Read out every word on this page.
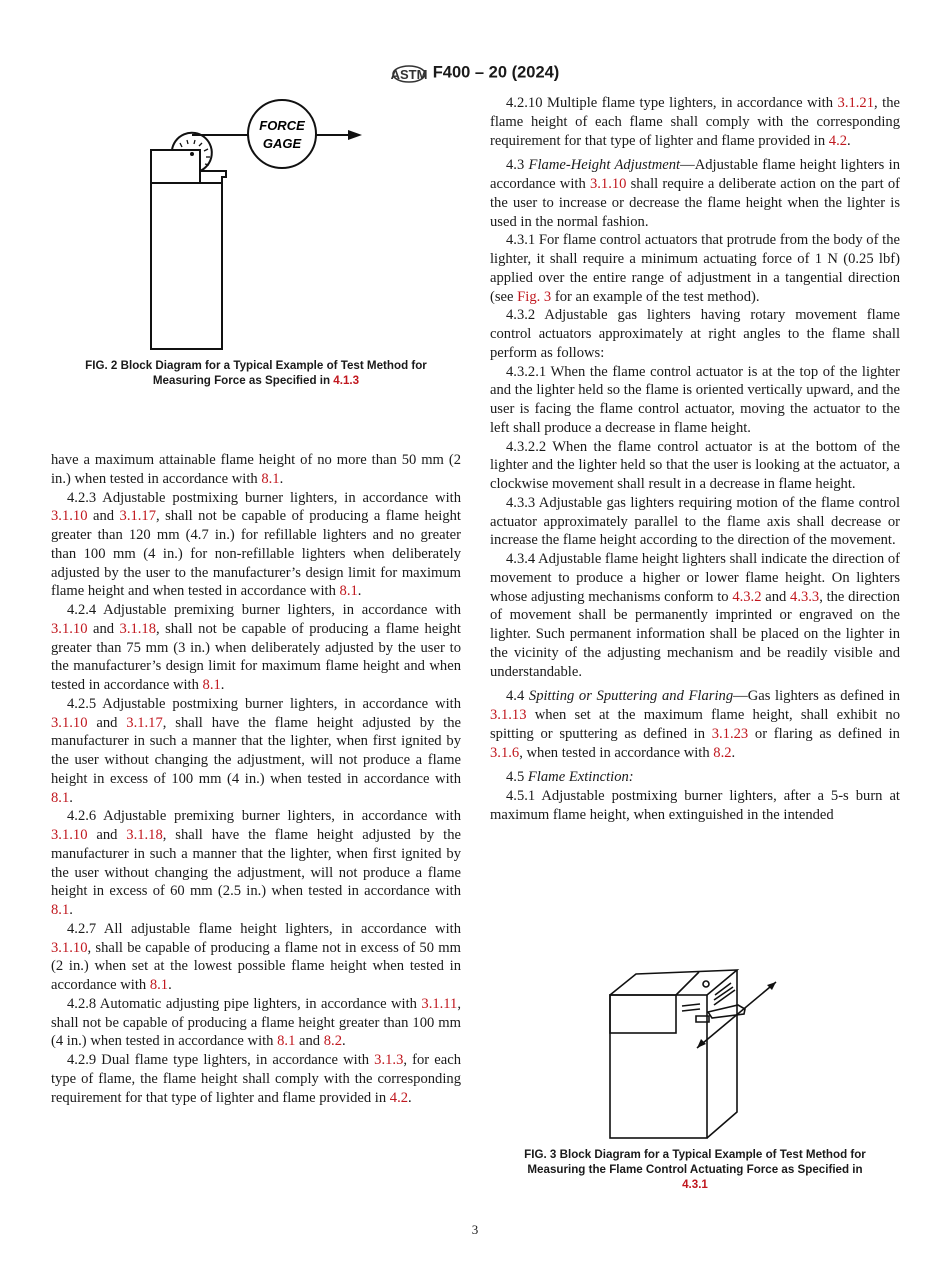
ASTM F400 – 20 (2024)
FORCE
GAGE
FIG. 2 Block Diagram for a Typical Example of Test Method for
Measuring Force as Specified in 4.1.3

have a maximum attainable flame height of no more than 50 mm (2 in.) when tested in accordance with 8.1.

4.2.3 Adjustable postmixing burner lighters, in accordance with 3.1.10 and 3.1.17, shall not be capable of producing a flame height greater than 120 mm (4.7 in.) for refillable lighters and no greater than 100 mm (4 in.) for non-refillable lighters when deliberately adjusted by the user to the manufacturer’s design limit for maximum flame height and when tested in accordance with 8.1.

4.2.4 Adjustable premixing burner lighters, in accordance with 3.1.10 and 3.1.18, shall not be capable of producing a flame height greater than 75 mm (3 in.) when deliberately adjusted by the user to the manufacturer’s design limit for maximum flame height and when tested in accordance with 8.1.

4.2.5 Adjustable postmixing burner lighters, in accordance with 3.1.10 and 3.1.17, shall have the flame height adjusted by the manufacturer in such a manner that the lighter, when first ignited by the user without changing the adjustment, will not produce a flame height in excess of 100 mm (4 in.) when tested in accordance with 8.1.

4.2.6 Adjustable premixing burner lighters, in accordance with 3.1.10 and 3.1.18, shall have the flame height adjusted by the manufacturer in such a manner that the lighter, when first ignited by the user without changing the adjustment, will not produce a flame height in excess of 60 mm (2.5 in.) when tested in accordance with 8.1.

4.2.7 All adjustable flame height lighters, in accordance with 3.1.10, shall be capable of producing a flame not in excess of 50 mm (2 in.) when set at the lowest possible flame height when tested in accordance with 8.1.

4.2.8 Automatic adjusting pipe lighters, in accordance with 3.1.11, shall not be capable of producing a flame height greater than 100 mm (4 in.) when tested in accordance with 8.1 and 8.2.

4.2.9 Dual flame type lighters, in accordance with 3.1.3, for each type of flame, the flame height shall comply with the corresponding requirement for that type of lighter and flame provided in 4.2.

4.2.10 Multiple flame type lighters, in accordance with 3.1.21, the flame height of each flame shall comply with the corresponding requirement for that type of lighter and flame provided in 4.2.

4.3 Flame-Height Adjustment—Adjustable flame height lighters in accordance with 3.1.10 shall require a deliberate action on the part of the user to increase or decrease the flame height when the lighter is used in the normal fashion.

4.3.1 For flame control actuators that protrude from the body of the lighter, it shall require a minimum actuating force of 1 N (0.25 lbf) applied over the entire range of adjustment in a tangential direction (see Fig. 3 for an example of the test method).

4.3.2 Adjustable gas lighters having rotary movement flame control actuators approximately at right angles to the flame shall perform as follows:

4.3.2.1 When the flame control actuator is at the top of the lighter and the lighter held so the flame is oriented vertically upward, and the user is facing the flame control actuator, moving the actuator to the left shall produce a decrease in flame height.

4.3.2.2 When the flame control actuator is at the bottom of the lighter and the lighter held so that the user is looking at the actuator, a clockwise movement shall result in a decrease in flame height.

4.3.3 Adjustable gas lighters requiring motion of the flame control actuator approximately parallel to the flame axis shall decrease or increase the flame height according to the direction of the movement.

4.3.4 Adjustable flame height lighters shall indicate the direction of movement to produce a higher or lower flame height. On lighters whose adjusting mechanisms conform to 4.3.2 and 4.3.3, the direction of movement shall be permanently imprinted or engraved on the lighter. Such permanent information shall be placed on the lighter in the vicinity of the adjusting mechanism and be readily visible and understandable.

4.4 Spitting or Sputtering and Flaring—Gas lighters as defined in 3.1.13 when set at the maximum flame height, shall exhibit no spitting or sputtering as defined in 3.1.23 or flaring as defined in 3.1.6, when tested in accordance with 8.2.

4.5 Flame Extinction:

4.5.1 Adjustable postmixing burner lighters, after a 5-s burn at maximum flame height, when extinguished in the intended

FIG. 3 Block Diagram for a Typical Example of Test Method for
Measuring the Flame Control Actuating Force as Specified in
4.3.1
3
